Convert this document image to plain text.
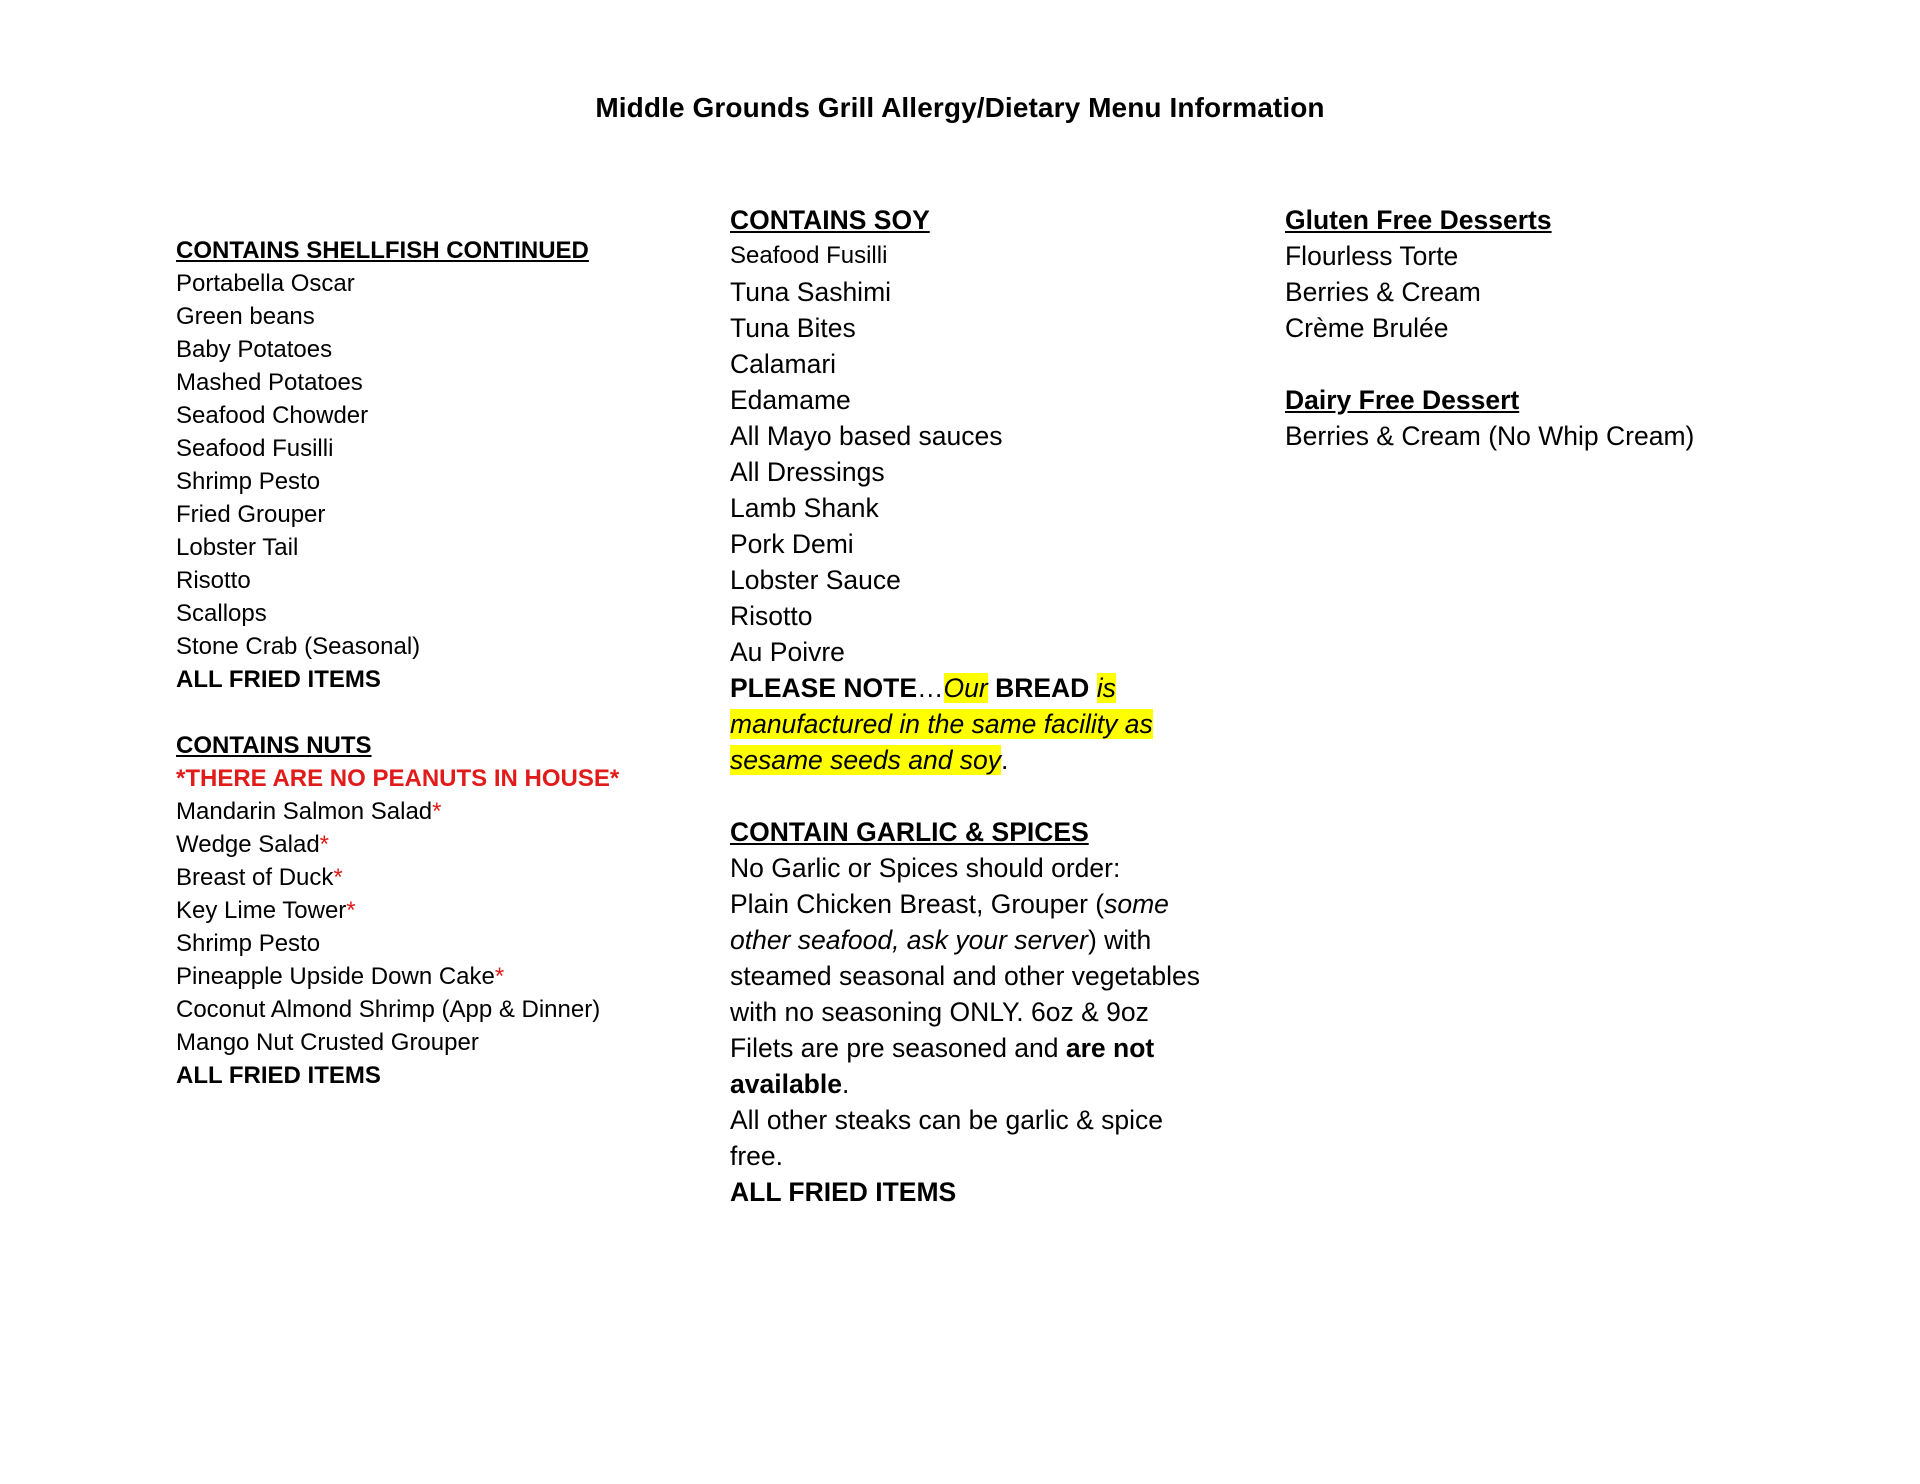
Middle Grounds Grill Allergy/Dietary Menu Information
CONTAINS SHELLFISH CONTINUED
Portabella Oscar
Green beans
Baby Potatoes
Mashed Potatoes
Seafood Chowder
Seafood Fusilli
Shrimp Pesto
Fried Grouper
Lobster Tail
Risotto
Scallops
Stone Crab (Seasonal)
ALL FRIED ITEMS
CONTAINS NUTS
*THERE ARE NO PEANUTS IN HOUSE*
Mandarin Salmon Salad*
Wedge Salad*
Breast of Duck*
Key Lime Tower*
Shrimp Pesto
Pineapple Upside Down Cake*
Coconut Almond Shrimp (App & Dinner)
Mango Nut Crusted Grouper
ALL FRIED ITEMS
CONTAINS SOY
Seafood Fusilli
Tuna Sashimi
Tuna Bites
Calamari
Edamame
All Mayo based sauces
All Dressings
Lamb Shank
Pork Demi
Lobster Sauce
Risotto
Au Poivre
PLEASE NOTE…Our BREAD is manufactured in the same facility as sesame seeds and soy.
CONTAIN GARLIC & SPICES
No Garlic or Spices should order:
Plain Chicken Breast, Grouper (some other seafood, ask your server) with steamed seasonal and other vegetables with no seasoning ONLY. 6oz & 9oz Filets are pre seasoned and are not available.
All other steaks can be garlic & spice free.
ALL FRIED ITEMS
Gluten Free Desserts
Flourless Torte
Berries & Cream
Crème Brulée
Dairy Free Dessert
Berries & Cream (No Whip Cream)
